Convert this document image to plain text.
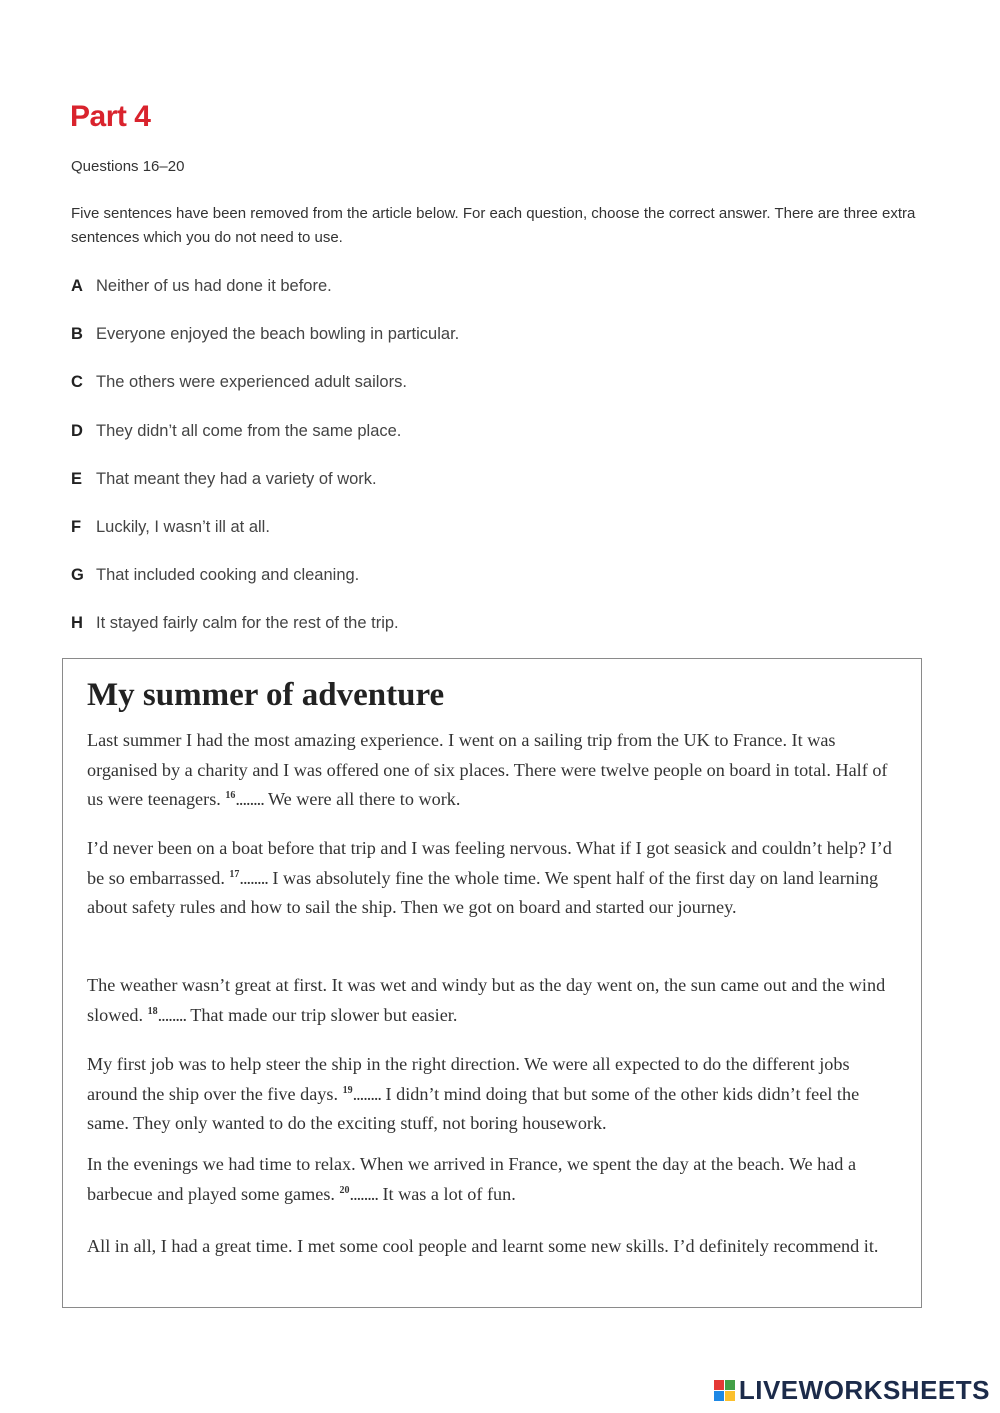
Part 4
Questions 16–20
Five sentences have been removed from the article below. For each question, choose the correct answer. There are three extra sentences which you do not need to use.
A Neither of us had done it before.
B Everyone enjoyed the beach bowling in particular.
C The others were experienced adult sailors.
D They didn’t all come from the same place.
E That meant they had a variety of work.
F Luckily, I wasn’t ill at all.
G That included cooking and cleaning.
H It stayed fairly calm for the rest of the trip.
My summer of adventure

Last summer I had the most amazing experience. I went on a sailing trip from the UK to France. It was organised by a charity and I was offered one of six places. There were twelve people on board in total. Half of us were teenagers. $^{16}$........ We were all there to work.

I’d never been on a boat before that trip and I was feeling nervous. What if I got seasick and couldn’t help? I’d be so embarrassed. $^{17}$........ I was absolutely fine the whole time. We spent half of the first day on land learning about safety rules and how to sail the ship. Then we got on board and started our journey.

The weather wasn’t great at first. It was wet and windy but as the day went on, the sun came out and the wind slowed. $^{18}$........ That made our trip slower but easier.

My first job was to help steer the ship in the right direction. We were all expected to do the different jobs around the ship over the five days. $^{19}$........ I didn’t mind doing that but some of the other kids didn’t feel the same. They only wanted to do the exciting stuff, not boring housework.

In the evenings we had time to relax. When we arrived in France, we spent the day at the beach. We had a barbecue and played some games. $^{20}$........ It was a lot of fun.

All in all, I had a great time. I met some cool people and learnt some new skills. I’d definitely recommend it.

LIVEWORKSHEETS
